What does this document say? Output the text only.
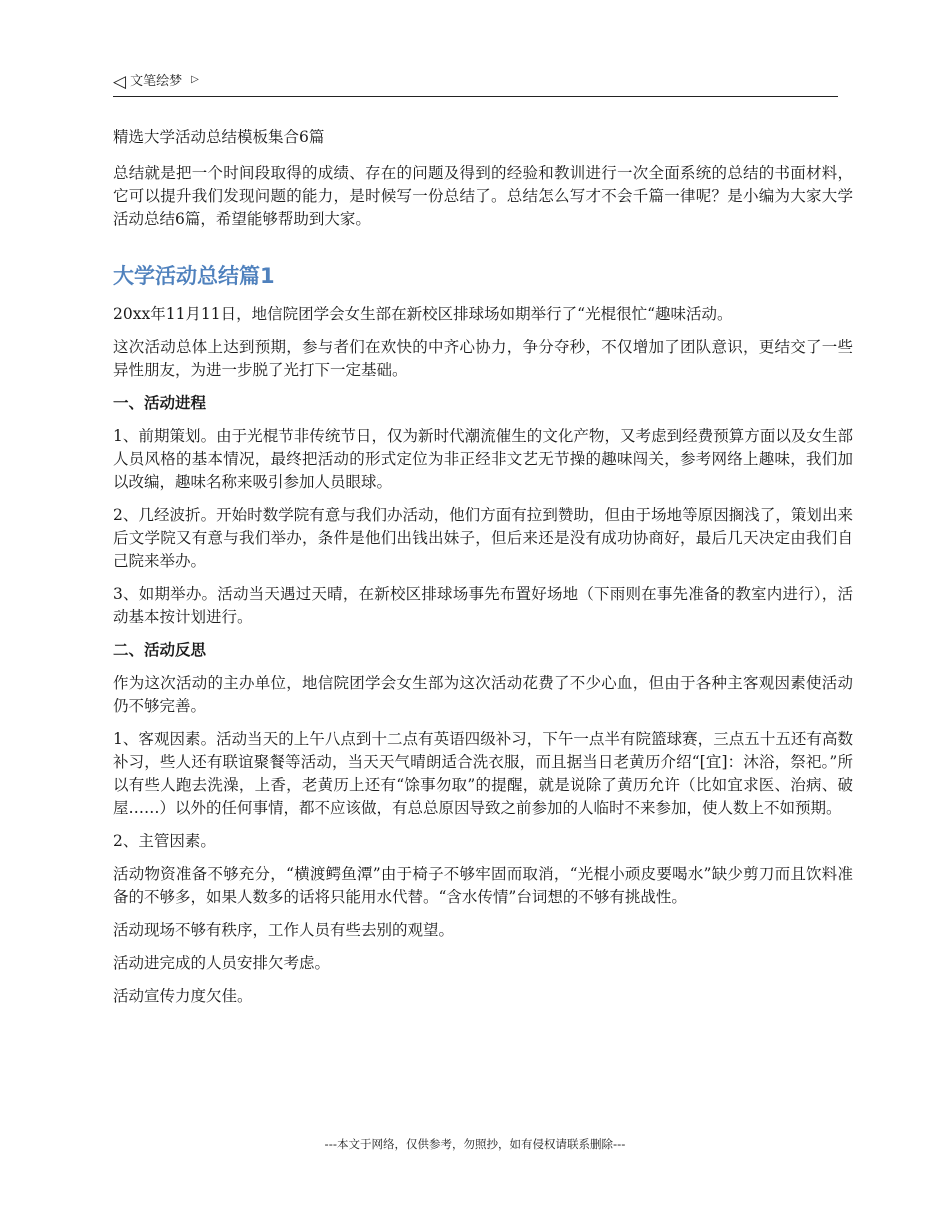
◁ 文笔绘梦 ▷

精选大学活动总结模板集合6篇

总结就是把一个时间段取得的成绩、存在的问题及得到的经验和教训进行一次全面系统的总结的书面材料，它可以提升我们发现问题的能力，是时候写一份总结了。总结怎么写才不会千篇一律呢？是小编为大家大学活动总结6篇，希望能够帮助到大家。

大学活动总结篇1

20xx年11月11日，地信院团学会女生部在新校区排球场如期举行了“光棍很忙“趣味活动。

这次活动总体上达到预期，参与者们在欢快的中齐心协力，争分夺秒，不仅增加了团队意识，更结交了一些异性朋友，为进一步脱了光打下一定基础。

一、活动进程

1、前期策划。由于光棍节非传统节日，仅为新时代潮流催生的文化产物，又考虑到经费预算方面以及女生部人员风格的基本情况，最终把活动的形式定位为非正经非文艺无节操的趣味闯关，参考网络上趣味，我们加以改编，趣味名称来吸引参加人员眼球。

2、几经波折。开始时数学院有意与我们办活动，他们方面有拉到赞助，但由于场地等原因搁浅了，策划出来后文学院又有意与我们举办，条件是他们出钱出妹子，但后来还是没有成功协商好，最后几天决定由我们自己院来举办。

3、如期举办。活动当天遇过天晴，在新校区排球场事先布置好场地（下雨则在事先准备的教室内进行），活动基本按计划进行。

二、活动反思

作为这次活动的主办单位，地信院团学会女生部为这次活动花费了不少心血，但由于各种主客观因素使活动仍不够完善。

1、客观因素。活动当天的上午八点到十二点有英语四级补习，下午一点半有院篮球赛，三点五十五还有高数补习，些人还有联谊聚餐等活动，当天天气晴朗适合洗衣服，而且据当日老黄历介绍“[宜]：沐浴，祭祀。”所以有些人跑去洗澡，上香，老黄历上还有“馀事勿取”的提醒，就是说除了黄历允许（比如宜求医、治病、破屋……）以外的任何事情，都不应该做，有总总原因导致之前参加的人临时不来参加，使人数上不如预期。

2、主管因素。

活动物资准备不够充分，“横渡鳄鱼潭”由于椅子不够牢固而取消，“光棍小顽皮要喝水”缺少剪刀而且饮料准备的不够多，如果人数多的话将只能用水代替。“含水传情”台词想的不够有挑战性。

活动现场不够有秩序，工作人员有些去别的观望。

活动进完成的人员安排欠考虑。

活动宣传力度欠佳。

---本文于网络，仅供参考，勿照抄，如有侵权请联系删除---
